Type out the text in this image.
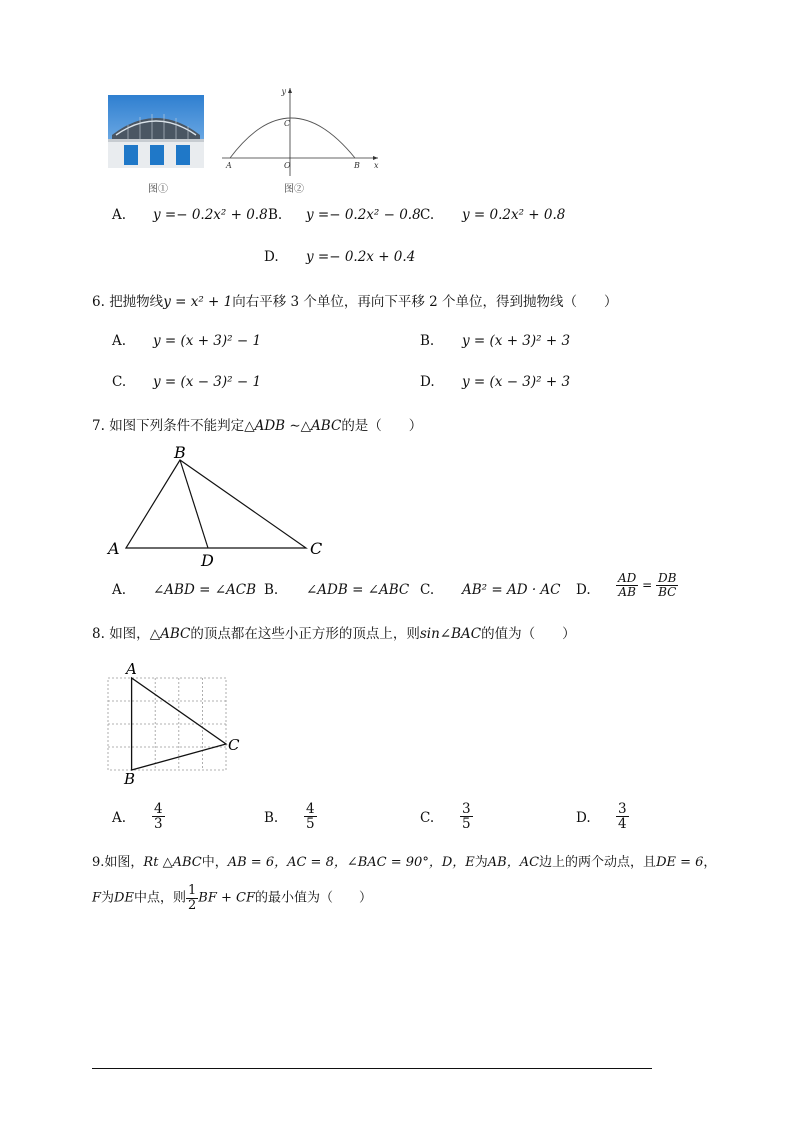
图①
y
x
A	B
C
O
图②
A. y =− 0.2x² + 0.8 B. y =− 0.2x² − 0.8 C. y = 0.2x² + 0.8
D. y =− 0.2x + 0.4
6. 把抛物线y = x² + 1向右平移 3 个单位，再向下平移 2 个单位，得到抛物线（　　）
A. y = (x + 3)² − 1	B. y = (x + 3)² + 3
C. y = (x − 3)² − 1	D. y = (x − 3)² + 3
7. 如图下列条件不能判定△ADB ∼△ABC的是（　　）
B
A
D
C
A. ∠ABD = ∠ACB B. ∠ADB = ∠ABC C. AB² = AD · AC D. $\frac{AD}{AB} = \frac{DB}{BC}$
8. 如图，△ABC的顶点都在这些小正方形的顶点上，则sin∠BAC的值为（　　）
A
B
C
A. $\frac{4}{3}$	B. $\frac{4}{5}$	C. $\frac{3}{5}$	D. $\frac{3}{4}$
9.如图，Rt △ABC中，AB = 6，AC = 8，∠BAC = 90°，D，E为AB，AC边上的两个动点，且DE = 6，
F为DE中点，则 $\frac{1}{2}$ BF + CF的最小值为（　　）
